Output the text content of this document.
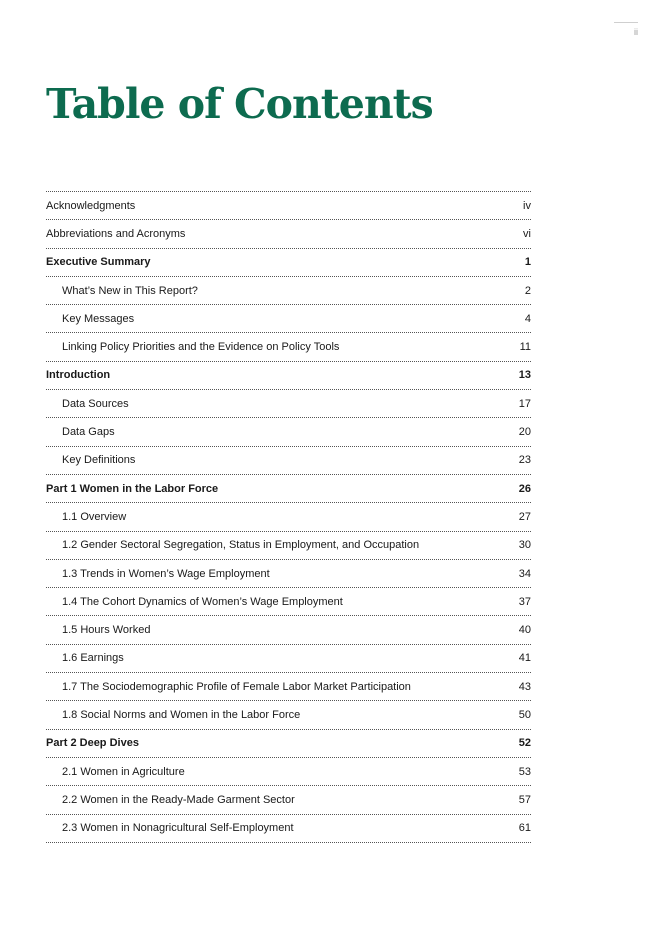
ii
Table of Contents
Acknowledgments	iv
Abbreviations and Acronyms	vi
Executive Summary	1
What’s New in This Report?	2
Key Messages	4
Linking Policy Priorities and the Evidence on Policy Tools	11
Introduction	13
Data Sources	17
Data Gaps	20
Key Definitions	23
Part 1 Women in the Labor Force	26
1.1 Overview	27
1.2 Gender Sectoral Segregation, Status in Employment, and Occupation	30
1.3 Trends in Women’s Wage Employment	34
1.4 The Cohort Dynamics of Women’s Wage Employment	37
1.5 Hours Worked	40
1.6 Earnings	41
1.7 The Sociodemographic Profile of Female Labor Market Participation	43
1.8 Social Norms and Women in the Labor Force	50
Part 2 Deep Dives	52
2.1 Women in Agriculture	53
2.2 Women in the Ready-Made Garment Sector	57
2.3 Women in Nonagricultural Self-Employment	61
